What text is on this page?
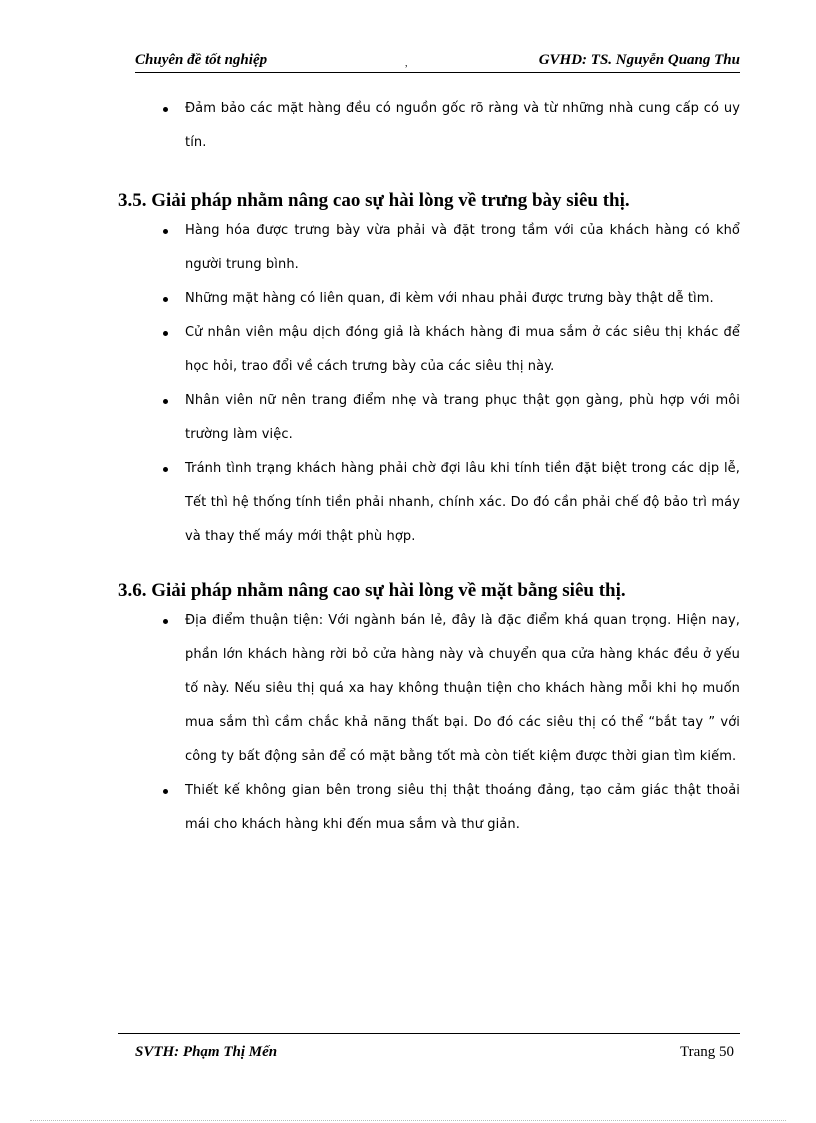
Chuyên đề tốt nghiệp	,	GVHD: TS. Nguyễn Quang Thu
Đảm bảo các mặt hàng đều có nguồn gốc rõ ràng và từ những nhà cung cấp có uy tín.
3.5. Giải pháp nhằm nâng cao sự hài lòng về trưng bày siêu thị.
Hàng hóa được trưng bày vừa phải và đặt trong tầm với của khách hàng có khổ người trung bình.
Những mặt hàng có liên quan, đi kèm với nhau phải được trưng bày thật dễ tìm.
Cử nhân viên mậu dịch đóng giả là khách hàng đi mua sắm ở các siêu thị khác để học hỏi, trao đổi về cách trưng bày của các siêu thị này.
Nhân viên nữ nên trang điểm nhẹ và trang phục thật gọn gàng, phù hợp với môi trường làm việc.
Tránh tình trạng khách hàng phải chờ đợi lâu khi tính tiền đặt biệt trong các dịp lễ, Tết thì hệ thống tính tiền phải nhanh, chính xác. Do đó cần phải chế độ bảo trì máy và thay thế máy mới thật phù hợp.
3.6. Giải pháp nhằm nâng cao sự hài lòng về mặt bằng siêu thị.
Địa điểm thuận tiện: Với ngành bán lẻ, đây là đặc điểm khá quan trọng. Hiện nay, phần lớn khách hàng rời bỏ cửa hàng này và chuyển qua cửa hàng khác đều ở yếu tố này. Nếu siêu thị quá xa hay không thuận tiện cho khách hàng mỗi khi họ muốn mua sắm thì cầm chắc khả năng thất bại. Do đó các siêu thị có thể “bắt tay ” với công ty bất động sản để có mặt bằng tốt mà còn tiết kiệm được thời gian tìm kiếm.
Thiết kế không gian bên trong siêu thị thật thoáng đảng, tạo cảm giác thật thoải mái cho khách hàng khi đến mua sắm và thư giản.
SVTH: Phạm Thị Mến	Trang 50
